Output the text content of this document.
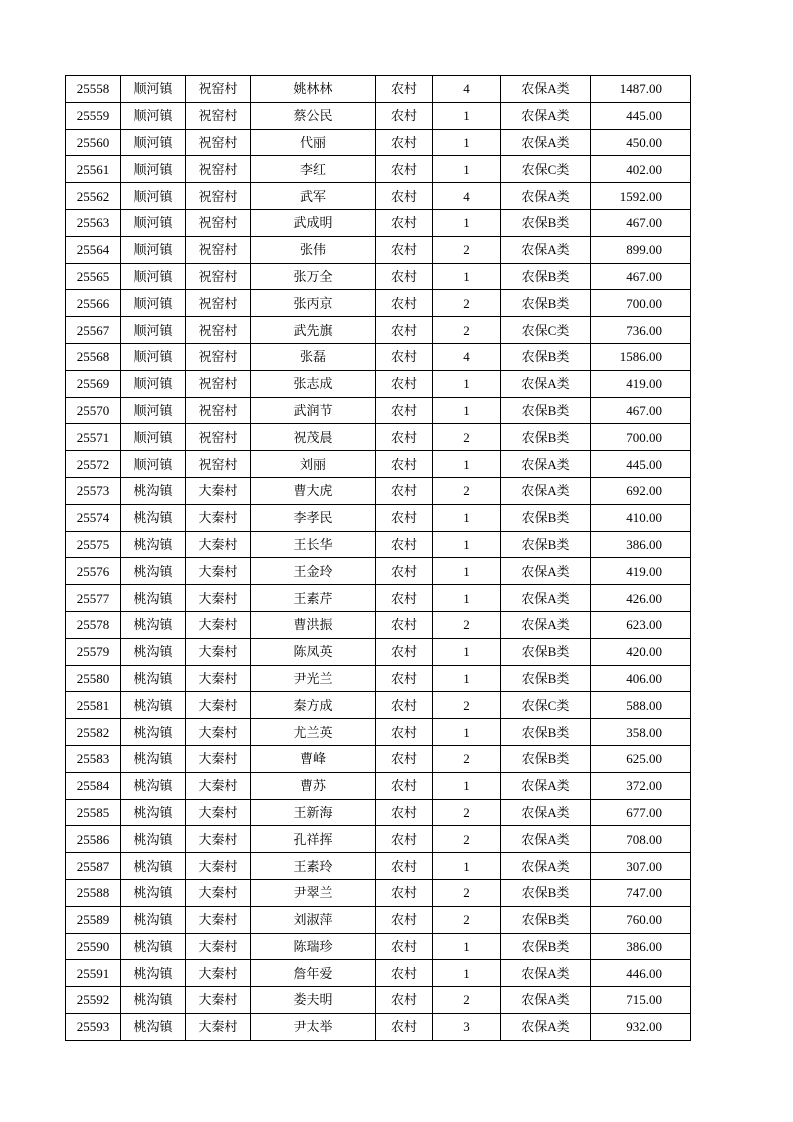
25558	顺河镇	祝窑村	姚林林	农村	4	农保A类	1487.00
25559	顺河镇	祝窑村	蔡公民	农村	1	农保A类	445.00
25560	顺河镇	祝窑村	代丽	农村	1	农保A类	450.00
25561	顺河镇	祝窑村	李红	农村	1	农保C类	402.00
25562	顺河镇	祝窑村	武军	农村	4	农保A类	1592.00
25563	顺河镇	祝窑村	武成明	农村	1	农保B类	467.00
25564	顺河镇	祝窑村	张伟	农村	2	农保A类	899.00
25565	顺河镇	祝窑村	张万全	农村	1	农保B类	467.00
25566	顺河镇	祝窑村	张丙京	农村	2	农保B类	700.00
25567	顺河镇	祝窑村	武先旗	农村	2	农保C类	736.00
25568	顺河镇	祝窑村	张磊	农村	4	农保B类	1586.00
25569	顺河镇	祝窑村	张志成	农村	1	农保A类	419.00
25570	顺河镇	祝窑村	武润节	农村	1	农保B类	467.00
25571	顺河镇	祝窑村	祝茂晨	农村	2	农保B类	700.00
25572	顺河镇	祝窑村	刘丽	农村	1	农保A类	445.00
25573	桃沟镇	大秦村	曹大虎	农村	2	农保A类	692.00
25574	桃沟镇	大秦村	李孝民	农村	1	农保B类	410.00
25575	桃沟镇	大秦村	王长华	农村	1	农保B类	386.00
25576	桃沟镇	大秦村	王金玲	农村	1	农保A类	419.00
25577	桃沟镇	大秦村	王素芹	农村	1	农保A类	426.00
25578	桃沟镇	大秦村	曹洪振	农村	2	农保A类	623.00
25579	桃沟镇	大秦村	陈凤英	农村	1	农保B类	420.00
25580	桃沟镇	大秦村	尹光兰	农村	1	农保B类	406.00
25581	桃沟镇	大秦村	秦方成	农村	2	农保C类	588.00
25582	桃沟镇	大秦村	尤兰英	农村	1	农保B类	358.00
25583	桃沟镇	大秦村	曹峰	农村	2	农保B类	625.00
25584	桃沟镇	大秦村	曹苏	农村	1	农保A类	372.00
25585	桃沟镇	大秦村	王新海	农村	2	农保A类	677.00
25586	桃沟镇	大秦村	孔祥挥	农村	2	农保A类	708.00
25587	桃沟镇	大秦村	王素玲	农村	1	农保A类	307.00
25588	桃沟镇	大秦村	尹翠兰	农村	2	农保B类	747.00
25589	桃沟镇	大秦村	刘淑萍	农村	2	农保B类	760.00
25590	桃沟镇	大秦村	陈瑞珍	农村	1	农保B类	386.00
25591	桃沟镇	大秦村	詹年爱	农村	1	农保A类	446.00
25592	桃沟镇	大秦村	娄夫明	农村	2	农保A类	715.00
25593	桃沟镇	大秦村	尹太举	农村	3	农保A类	932.00
